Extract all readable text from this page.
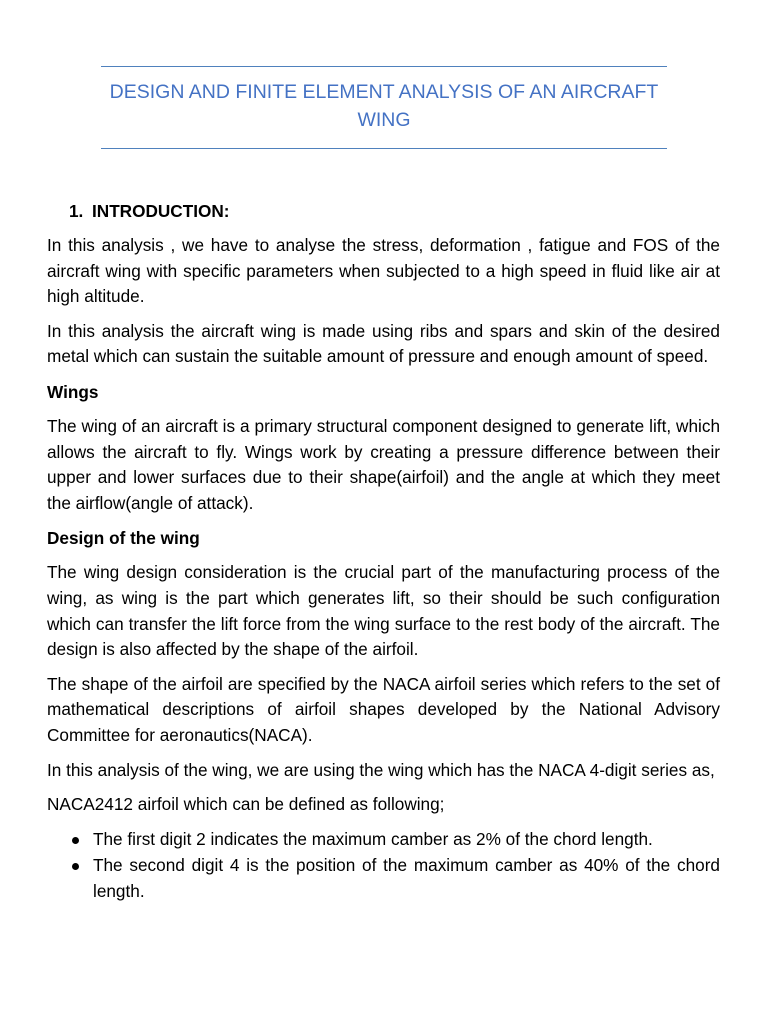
DESIGN AND FINITE ELEMENT ANALYSIS OF AN AIRCRAFT WING
1. INTRODUCTION:

In this analysis , we have to analyse the stress, deformation , fatigue and FOS of the aircraft wing with specific parameters when subjected to a high speed in fluid like air at high altitude.

In this analysis the aircraft wing is made using ribs and spars and skin of the desired metal which can sustain the suitable amount of pressure and enough amount of speed.

Wings

The wing of an aircraft is a primary structural component designed to generate lift, which allows the aircraft to fly. Wings work by creating a pressure difference between their upper and lower surfaces due to their shape(airfoil) and the angle at which they meet the airflow(angle of attack).

Design of the wing

The wing design consideration is the crucial part of the manufacturing process of the wing, as wing is the part which generates lift, so their should be such configuration which can transfer the lift force from the wing surface to the rest body of the aircraft. The design is also affected by the shape of the airfoil.

The shape of the airfoil are specified by the NACA airfoil series which refers to the set of mathematical descriptions of airfoil shapes developed by the National Advisory Committee for aeronautics(NACA).

In this analysis of the wing, we are using the wing which has the NACA 4-digit series as,

NACA2412 airfoil which can be defined as following;

The first digit 2 indicates the maximum camber as 2% of the chord length.
The second digit 4 is the position of the maximum camber as 40% of the chord length.
